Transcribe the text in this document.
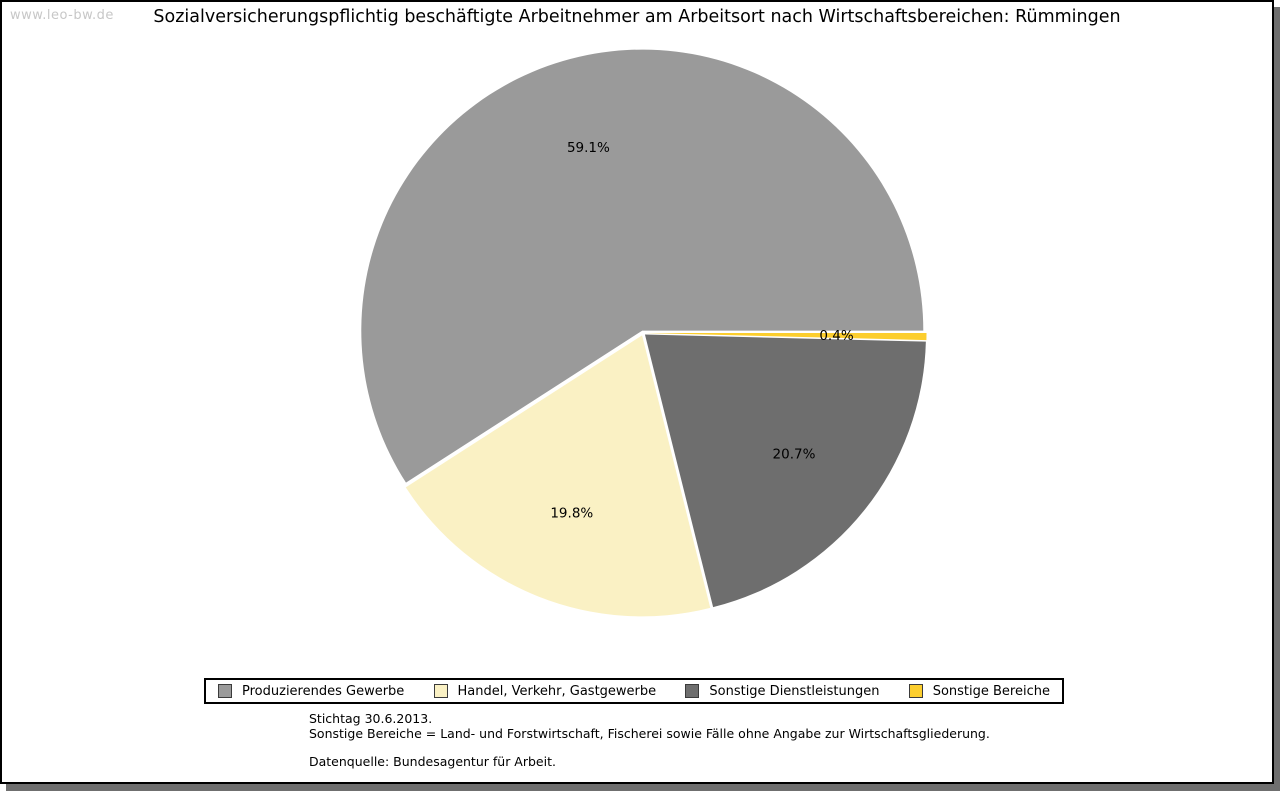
www.leo-bw.de	Sozialversicherungspflichtig beschäftigte Arbeitnehmer am Arbeitsort nach Wirtschaftsbereichen: Rümmingen
59.1%
19.8%
20.7%
0.4%
Produzierendes Gewerbe	Handel, Verkehr, Gastgewerbe	Sonstige Dienstleistungen	Sonstige Bereiche
Stichtag 30.6.2013.
Sonstige Bereiche = Land- und Forstwirtschaft, Fischerei sowie Fälle ohne Angabe zur Wirtschaftsgliederung.
Datenquelle: Bundesagentur für Arbeit.
